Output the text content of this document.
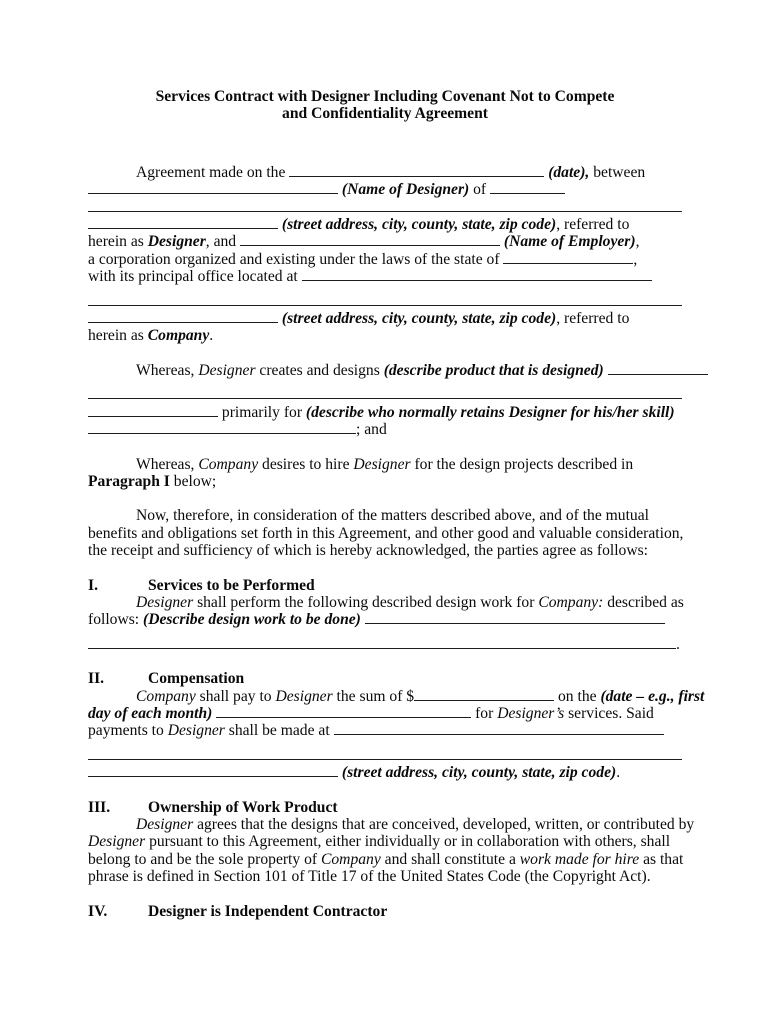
Services Contract with Designer Including Covenant Not to Compete
and Confidentiality Agreement
Agreement made on the	(date), between
(Name of Designer) of
(street address, city, county, state, zip code), referred to
herein as Designer, and	(Name of Employer),
a corporation organized and existing under the laws of the state of	,
with its principal office located at
(street address, city, county, state, zip code), referred to
herein as Company.
Whereas, Designer creates and designs (describe product that is designed)
primarily for (describe who normally retains Designer for his/her skill)
; and
Whereas, Company desires to hire Designer for the design projects described in
Paragraph I below;
Now, therefore, in consideration of the matters described above, and of the mutual
benefits and obligations set forth in this Agreement, and other good and valuable consideration,
the receipt and sufficiency of which is hereby acknowledged, the parties agree as follows:
I.	Services to be Performed
Designer shall perform the following described design work for Company: described as
follows: (Describe design work to be done)
.
II.	Compensation
Company shall pay to Designer the sum of $	on the (date – e.g., first
day of each month)	for Designer’s services. Said
payments to Designer shall be made at
(street address, city, county, state, zip code).
III. Ownership of Work Product
Designer agrees that the designs that are conceived, developed, written, or contributed by
Designer pursuant to this Agreement, either individually or in collaboration with others, shall
belong to and be the sole property of Company and shall constitute a work made for hire as that
phrase is defined in Section 101 of Title 17 of the United States Code (the Copyright Act).
IV.	Designer is Independent Contractor
